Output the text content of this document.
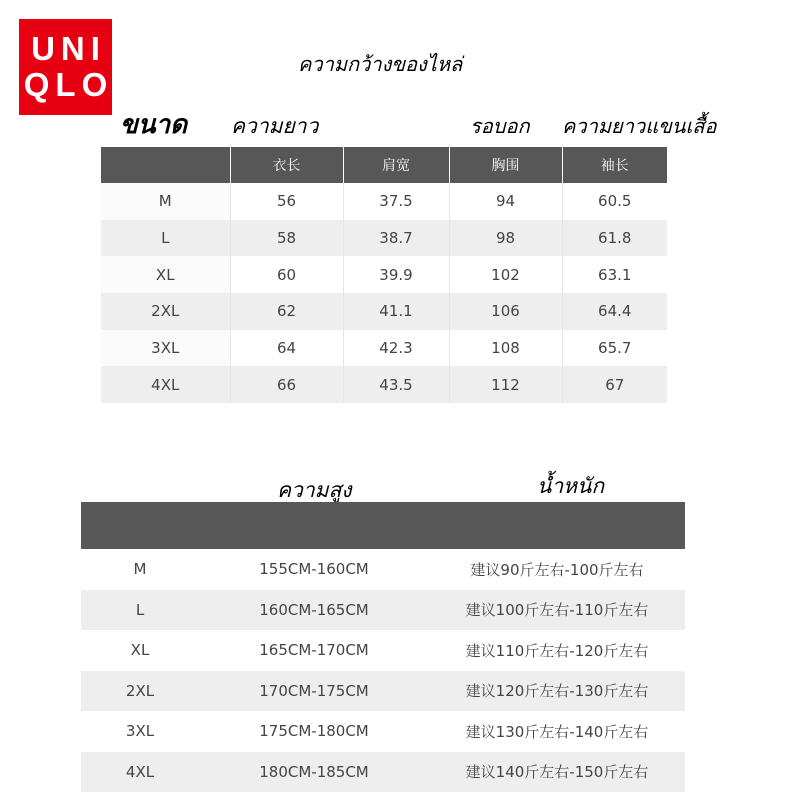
UNI
QLO
ความกว้างของไหล่
ขนาด ความยาว	รอบอก ความยาวแขนเสื้อ
	衣长	肩宽	胸围	袖长
M	56	37.5	94	60.5
L	58	38.7	98	61.8
XL	60	39.9	102	63.1
2XL	62	41.1	106	64.4
3XL	64	42.3	108	65.7
4XL	66	43.5	112	67
ความสูง	น้ำหนัก

M	155CM-160CM	建议90斤左右-100斤左右
L	160CM-165CM	建议100斤左右-110斤左右
XL	165CM-170CM	建议110斤左右-120斤左右
2XL	170CM-175CM	建议120斤左右-130斤左右
3XL	175CM-180CM	建议130斤左右-140斤左右
4XL	180CM-185CM	建议140斤左右-150斤左右
